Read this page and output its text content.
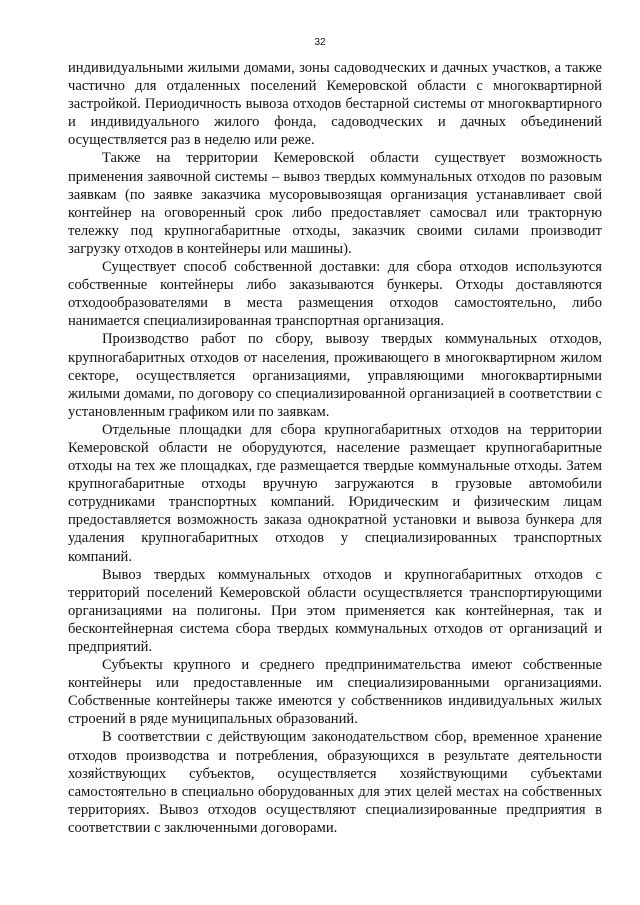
32

индивидуальными жилыми домами, зоны садоводческих и дачных участков, а также частично для отдаленных поселений Кемеровской области с многоквартирной застройкой. Периодичность вывоза отходов бестарной системы от многоквартирного и индивидуального жилого фонда, садоводческих и дачных объединений осуществляется раз в неделю или реже.

Также на территории Кемеровской области существует возможность применения заявочной системы – вывоз твердых коммунальных отходов по разовым заявкам (по заявке заказчика мусоровывозящая организация устанавливает свой контейнер на оговоренный срок либо предоставляет самосвал или тракторную тележку под крупногабаритные отходы, заказчик своими силами производит загрузку отходов в контейнеры или машины).

Существует способ собственной доставки: для сбора отходов используются собственные контейнеры либо заказываются бункеры. Отходы доставляются отходообразователями в места размещения отходов самостоятельно, либо нанимается специализированная транспортная организация.

Производство работ по сбору, вывозу твердых коммунальных отходов, крупногабаритных отходов от населения, проживающего в многоквартирном жилом секторе, осуществляется организациями, управляющими многоквартирными жилыми домами, по договору со специализированной организацией в соответствии с установленным графиком или по заявкам.

Отдельные площадки для сбора крупногабаритных отходов на территории Кемеровской области не оборудуются, население размещает крупногабаритные отходы на тех же площадках, где размещается твердые коммунальные отходы. Затем крупногабаритные отходы вручную загружаются в грузовые автомобили сотрудниками транспортных компаний. Юридическим и физическим лицам предоставляется возможность заказа однократной установки и вывоза бункера для удаления крупногабаритных отходов у специализированных транспортных компаний.

Вывоз твердых коммунальных отходов и крупногабаритных отходов с территорий поселений Кемеровской области осуществляется транспортирующими организациями на полигоны. При этом применяется как контейнерная, так и бесконтейнерная система сбора твердых коммунальных отходов от организаций и предприятий.

Субъекты крупного и среднего предпринимательства имеют собственные контейнеры или предоставленные им специализированными организациями. Собственные контейнеры также имеются у собственников индивидуальных жилых строений в ряде муниципальных образований.

В соответствии с действующим законодательством сбор, временное хранение отходов производства и потребления, образующихся в результате деятельности хозяйствующих субъектов, осуществляется хозяйствующими субъектами самостоятельно в специально оборудованных для этих целей местах на собственных территориях. Вывоз отходов осуществляют специализированные предприятия в соответствии с заключенными договорами.
